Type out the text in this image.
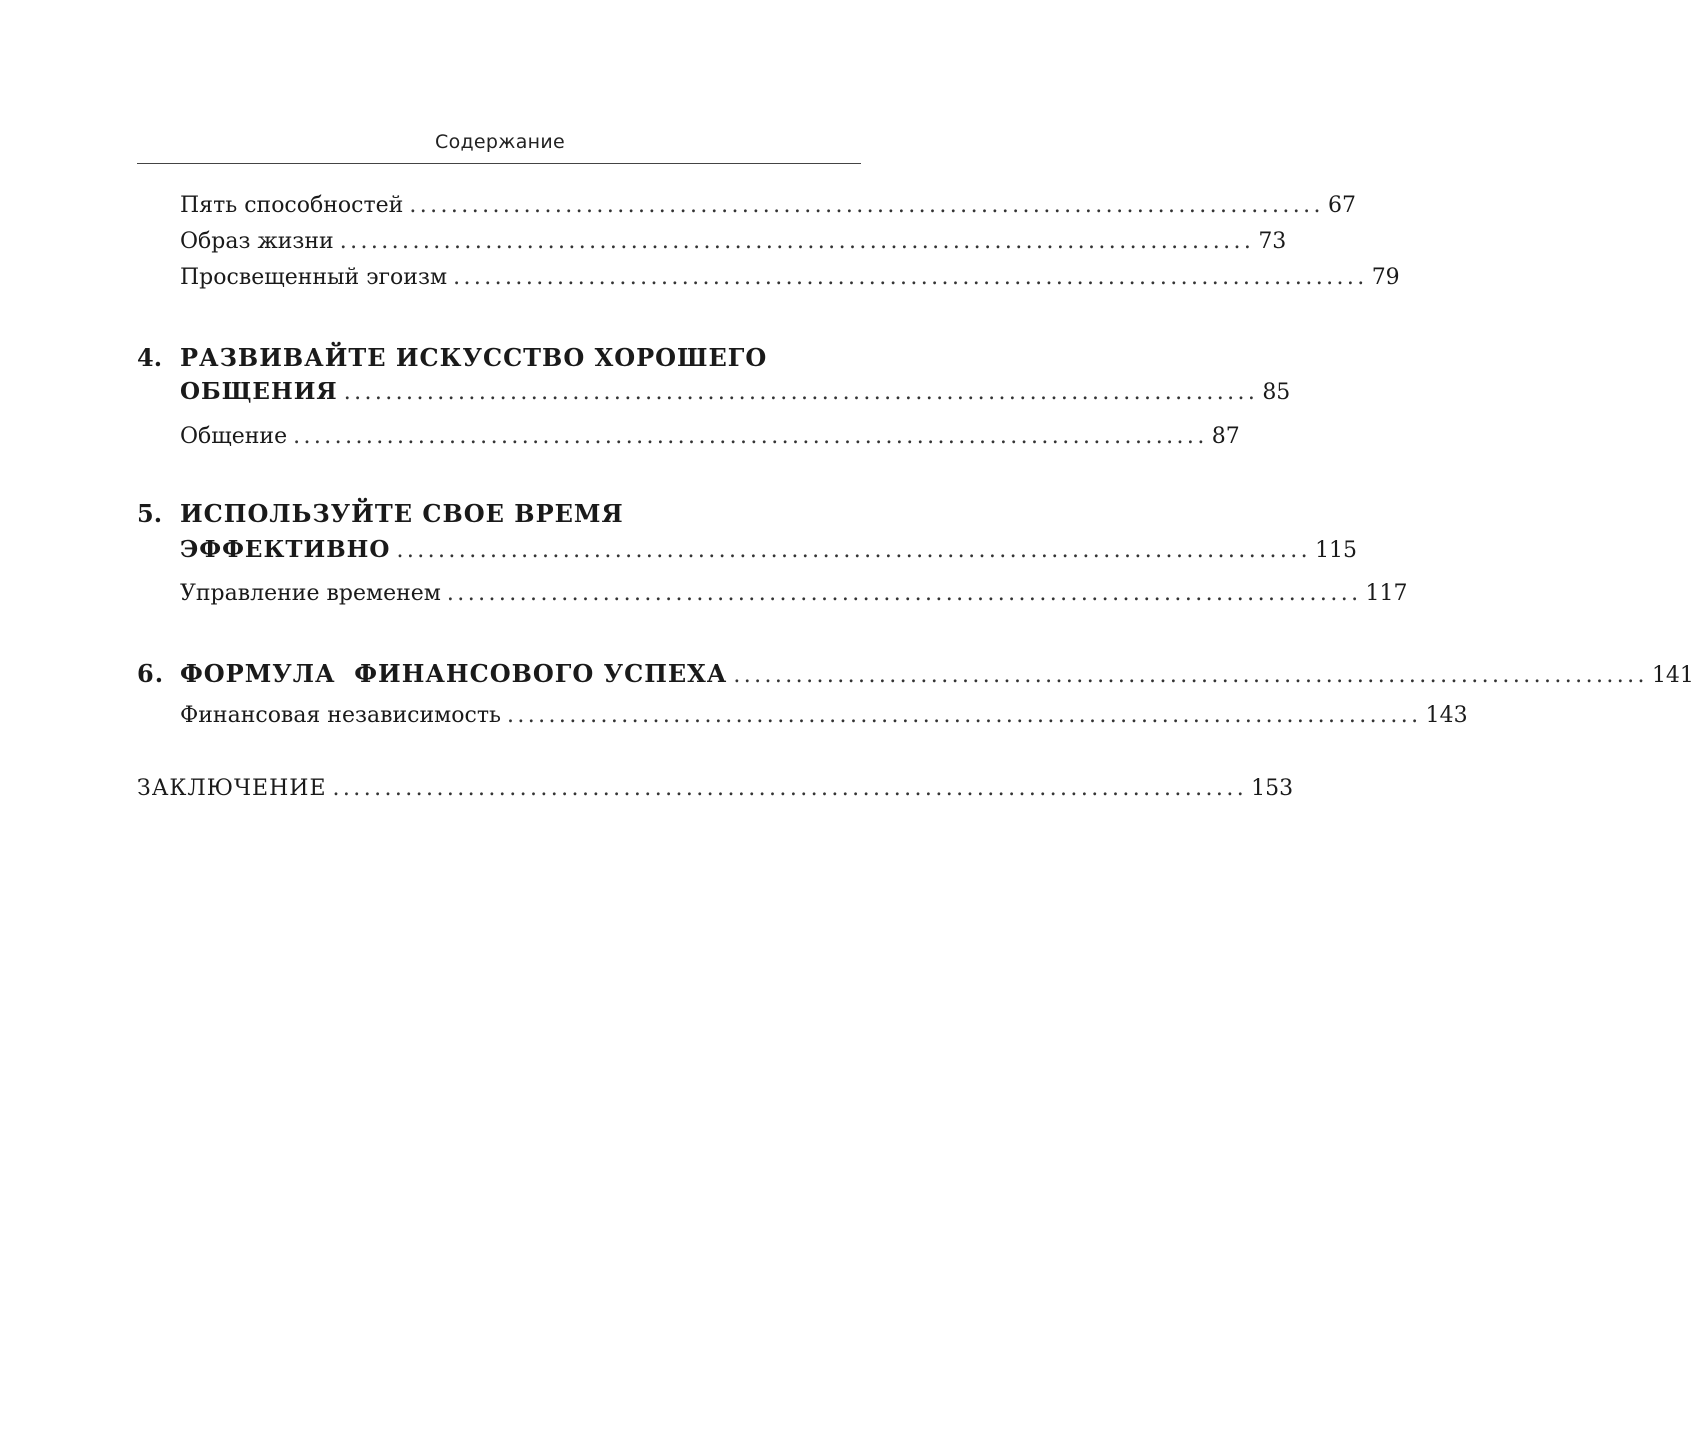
Содержание
Пять способностей ........................................................................................ 67
Образ жизни ........................................................................................ 73
Просвещенный эгоизм ........................................................................................ 79
4. РАЗВИВАЙТЕ ИСКУССТВО ХОРОШЕГО
ОБЩЕНИЯ ........................................................................................ 85
Общение ........................................................................................ 87
5. ИСПОЛЬЗУЙТЕ СВОЕ ВРЕМЯ
ЭФФЕКТИВНО ........................................................................................ 115
Управление временем ........................................................................................ 117
6. ФОРМУЛА  ФИНАНСОВОГО УСПЕХА ........................................................................................ 141
Финансовая независимость ........................................................................................ 143
ЗАКЛЮЧЕНИЕ ........................................................................................ 153
